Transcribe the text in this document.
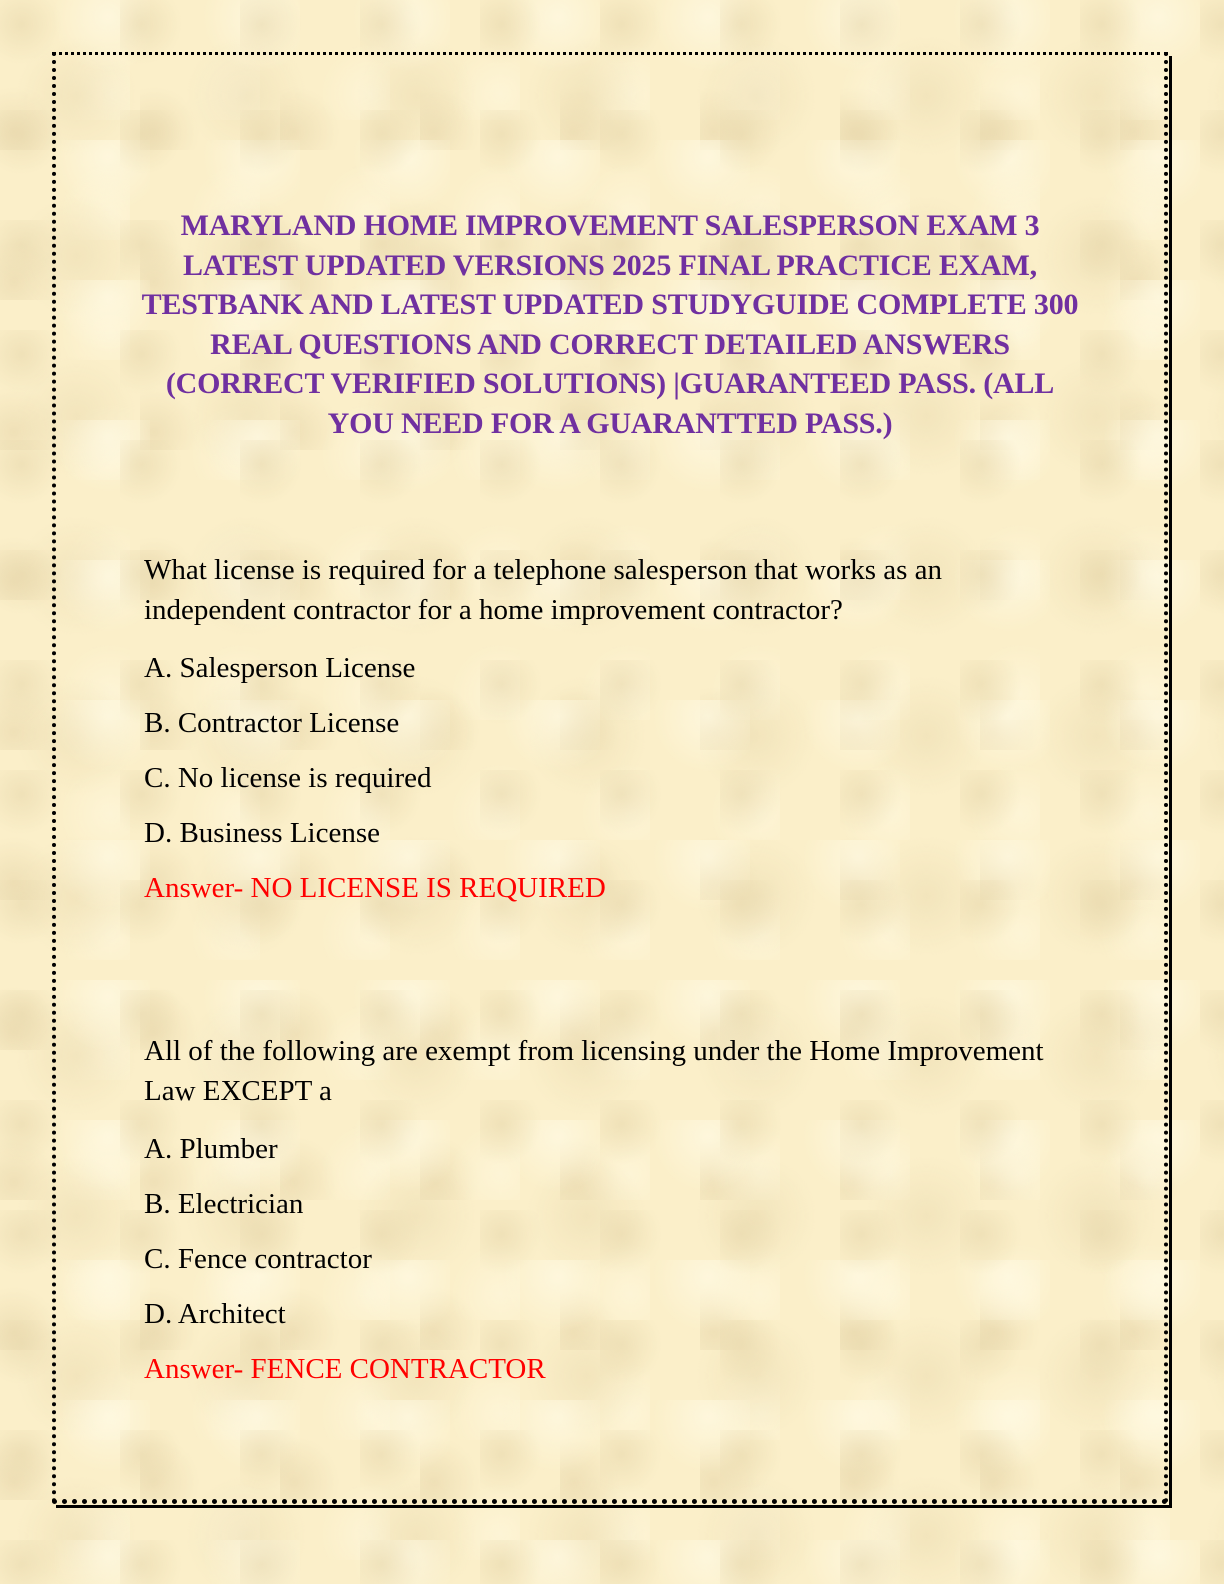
MARYLAND HOME IMPROVEMENT SALESPERSON EXAM 3 LATEST UPDATED VERSIONS 2025 FINAL PRACTICE EXAM, TESTBANK AND LATEST UPDATED STUDYGUIDE COMPLETE 300 REAL QUESTIONS AND CORRECT DETAILED ANSWERS (CORRECT VERIFIED SOLUTIONS) |GUARANTEED PASS. (ALL YOU NEED FOR A GUARANTTED PASS.)

What license is required for a telephone salesperson that works as an independent contractor for a home improvement contractor?

A. Salesperson License

B. Contractor License

C. No license is required

D. Business License

Answer- NO LICENSE IS REQUIRED

All of the following are exempt from licensing under the Home Improvement Law EXCEPT a

A. Plumber

B. Electrician

C. Fence contractor

D. Architect

Answer- FENCE CONTRACTOR
